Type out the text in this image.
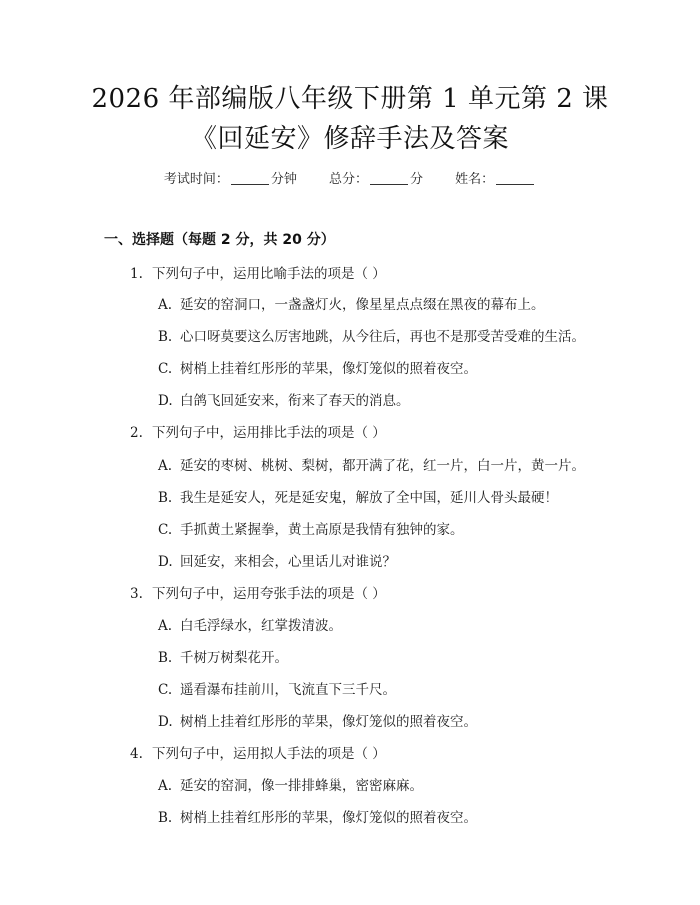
2026 年部编版八年级下册第 1 单元第 2 课
《回延安》修辞手法及答案
考试时间：	分钟 总分：	分 姓名：
一、选择题（每题 2 分，共 20 分）
1. 下列句子中，运用比喻手法的项是（ ）
A. 延安的窑洞口，一盏盏灯火，像星星点点缀在黑夜的幕布上。
B. 心口呀莫要这么厉害地跳，从今往后，再也不是那受苦受难的生活。
C. 树梢上挂着红彤彤的苹果，像灯笼似的照着夜空。
D. 白鸽飞回延安来，衔来了春天的消息。
2. 下列句子中，运用排比手法的项是（ ）
A. 延安的枣树、桃树、梨树，都开满了花，红一片，白一片，黄一片。
B. 我生是延安人，死是延安鬼，解放了全中国，延川人骨头最硬！
C. 手抓黄土紧握拳，黄土高原是我情有独钟的家。
D. 回延安，来相会，心里话儿对谁说？
3. 下列句子中，运用夸张手法的项是（ ）
A. 白毛浮绿水，红掌拨清波。
B. 千树万树梨花开。
C. 遥看瀑布挂前川，飞流直下三千尺。
D. 树梢上挂着红彤彤的苹果，像灯笼似的照着夜空。
4. 下列句子中，运用拟人手法的项是（ ）
A. 延安的窑洞，像一排排蜂巢，密密麻麻。
B. 树梢上挂着红彤彤的苹果，像灯笼似的照着夜空。
